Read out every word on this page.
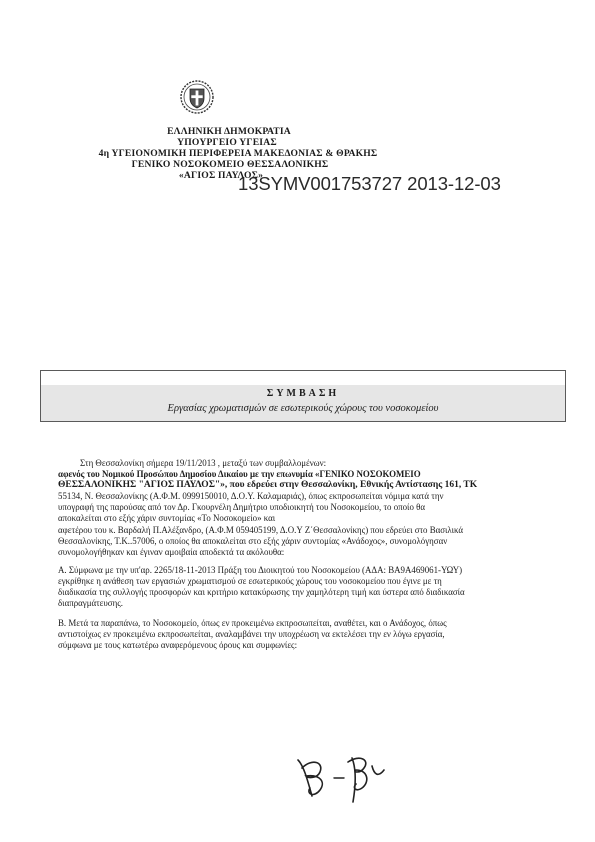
ΕΛΛΗΝΙΚΗ ΔΗΜΟΚΡΑΤΙΑ
ΥΠΟΥΡΓΕΙΟ ΥΓΕΙΑΣ
4η ΥΓΕΙΟΝΟΜΙΚΗ ΠΕΡΙΦΕΡΕΙΑ ΜΑΚΕΔΟΝΙΑΣ & ΘΡΑΚΗΣ
ΓΕΝΙΚΟ ΝΟΣΟΚΟΜΕΙΟ ΘΕΣΣΑΛΟΝΙΚΗΣ
«ΑΓΙΟΣ ΠΑΥΛΟΣ»
13SYMV001753727 2013-12-03
ΣΥΜΒΑΣΗ
Εργασίας χρωματισμών σε εσωτερικούς χώρους του νοσοκομείου
Στη Θεσσαλονίκη σήμερα 19/11/2013 , μεταξύ των συμβαλλομένων:
αφενός του Νομικού Προσώπου Δημοσίου Δικαίου με την επωνυμία «ΓΕΝΙΚΟ ΝΟΣΟΚΟΜΕΙΟ
ΘΕΣΣΑΛΟΝΙΚΗΣ "ΑΓΙΟΣ ΠΑΥΛΟΣ"», που εδρεύει στην Θεσσαλονίκη, Εθνικής Αντίστασης 161, ΤΚ
55134, Ν. Θεσσαλονίκης (Α.Φ.Μ. 0999150010, Δ.Ο.Υ. Καλαμαριάς), όπως εκπροσωπείται νόμιμα κατά την
υπογραφή της παρούσας από τον Δρ. Γκουρνέλη Δημήτριο υποδιοικητή του Νοσοκομείου, το οποίο θα
αποκαλείται στο εξής χάριν συντομίας «Το Νοσοκομείο» και
αφετέρου του κ. Βαρδαλή Π.Αλέξανδρο, (Α.Φ.Μ 059405199, Δ.Ο.Υ Ζ΄Θεσσαλονίκης) που εδρεύει στο Βασιλικά
Θεσσαλονίκης, Τ.Κ..57006, ο οποίος θα αποκαλείται στο εξής χάριν συντομίας «Ανάδοχος», συνομολόγησαν
συνομολογήθηκαν και έγιναν αμοιβαία αποδεκτά τα ακόλουθα:
Α. Σύμφωνα με την υπ'αρ. 2265/18-11-2013 Πράξη του Διοικητού του Νοσοκομείου (ΑΔΑ: ΒΑ9Α469061-ΥΩΥ)
εγκρίθηκε η ανάθεση των εργασιών χρωματισμού σε εσωτερικούς χώρους του νοσοκομείου που έγινε με τη
διαδικασία της συλλογής προσφορών και κριτήριο κατακύρωσης την χαμηλότερη τιμή και ύστερα από διαδικασία
διαπραγμάτευσης.
Β. Μετά τα παραπάνω, το Νοσοκομείο, όπως εν προκειμένω εκπροσωπείται, αναθέτει, και ο Ανάδοχος, όπως
αντιστοίχως εν προκειμένω εκπροσωπείται, αναλαμβάνει την υποχρέωση να εκτελέσει την εν λόγω εργασία,
σύμφωνα με τους κατωτέρω αναφερόμενους όρους και συμφωνίες:
